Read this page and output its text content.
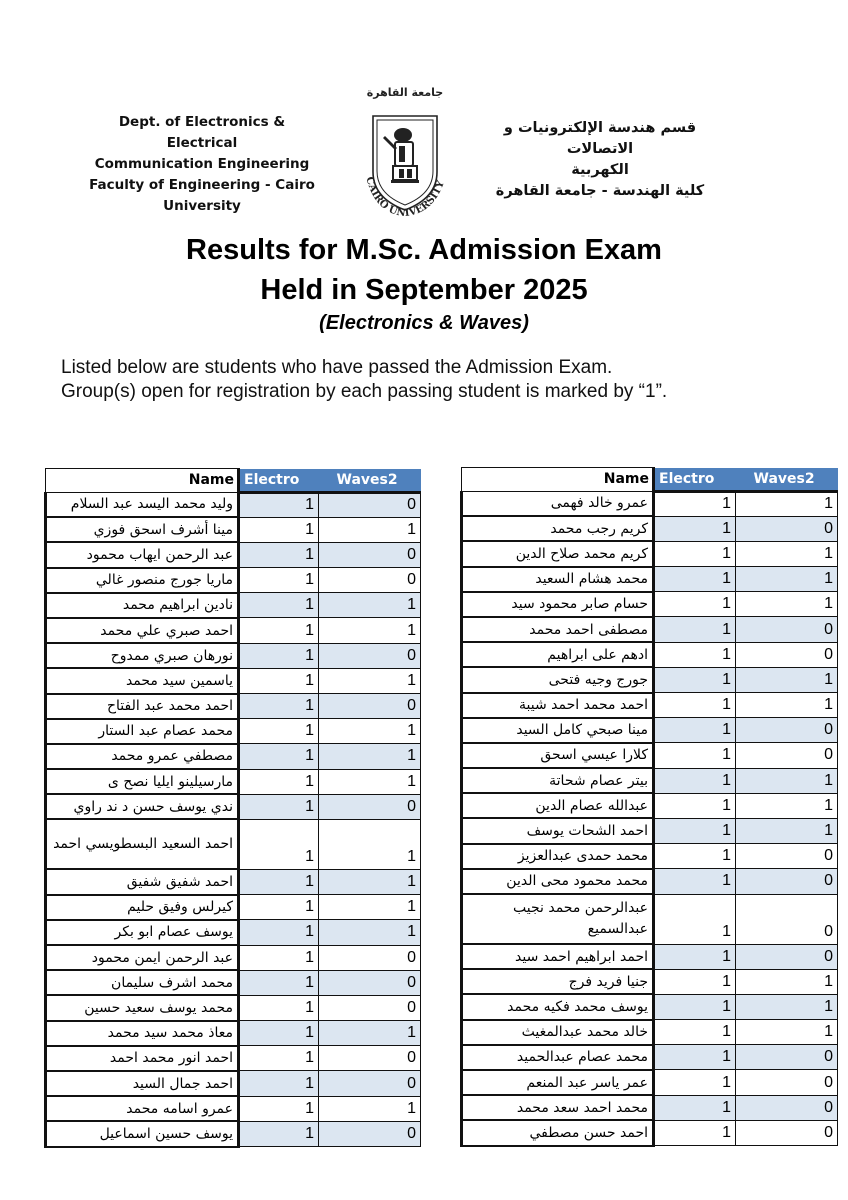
Dept. of Electronics & Electrical
Communication Engineering
Faculty of Engineering - Cairo
University
جامعة القاهرة
CAIRO UNIVERSITY
قسم هندسة الإلكترونيات و الاتصالات
الكهربية
كلية الهندسة - جامعة القاهرة
Results for M.Sc. Admission Exam
Held in September 2025
(Electronics & Waves)
Listed below are students who have passed the Admission Exam.
Group(s) open for registration by each passing student is marked by “1”.
Name	Electro	Waves2
وليد محمد اليسد عبد السلام	1	0
مينا أشرف اسحق فوزي	1	1
عبد الرحمن ايهاب محمود	1	0
ماريا جورج منصور غالي	1	0
نادين ابراهيم محمد	1	1
احمد صبري علي محمد	1	1
نورهان صبري ممدوح	1	0
ياسمين سيد محمد	1	1
احمد محمد عبد الفتاح	1	0
محمد عصام عبد الستار	1	1
مصطفي عمرو محمد	1	1
مارسيلينو ايليا نصح ى	1	1
ندي يوسف حسن د ند راوي	1	0
احمد السعيد البسطويسي احمد	1	1
احمد شفيق شفيق	1	1
كيرلس وفيق حليم	1	1
يوسف عصام ابو بكر	1	1
عبد الرحمن ايمن محمود	1	0
محمد اشرف سليمان	1	0
محمد يوسف سعيد حسين	1	0
معاذ محمد سيد محمد	1	1
احمد انور محمد احمد	1	0
احمد جمال السيد	1	0
عمرو اسامه محمد	1	1
يوسف حسين اسماعيل	1	0
Name	Electro	Waves2
عمرو خالد فهمى	1	1
كريم رجب محمد	1	0
كريم محمد صلاح الدين	1	1
محمد هشام السعيد	1	1
حسام صابر محمود سيد	1	1
مصطفى احمد محمد	1	0
ادهم على ابراهيم	1	0
جورج وجيه فتحى	1	1
احمد محمد احمد شيبة	1	1
مينا صبحي كامل السيد	1	0
كلارا عيسي اسحق	1	0
بيتر عصام شحاتة	1	1
عبدالله عصام الدين	1	1
احمد الشحات يوسف	1	1
محمد حمدى عبدالعزيز	1	0
محمد محمود محى الدين	1	0
عبدالرحمن محمد نجيب عبدالسميع	1	0
احمد ابراهيم احمد سيد	1	0
جنيا فريد فرج	1	1
يوسف محمد فكيه محمد	1	1
خالد محمد عبدالمغيث	1	1
محمد عصام عبدالحميد	1	0
عمر ياسر عبد المنعم	1	0
محمد احمد سعد محمد	1	0
احمد حسن مصطفي	1	0
